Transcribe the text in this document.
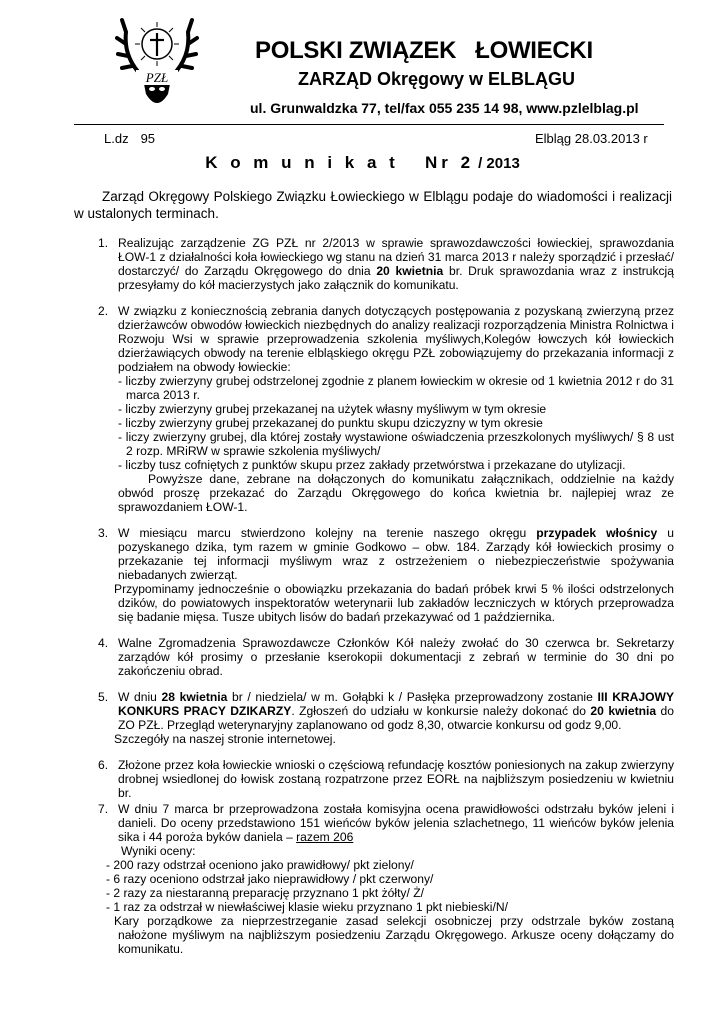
PZŁ
POLSKI ZWIĄZEK   ŁOWIECKI
ZARZĄD Okręgowy w ELBLĄGU
ul. Grunwaldzka 77, tel/fax 055 235 14 98, www.pzlelblag.pl
L.dz 95	Elbląg 28.03.2013 r
K o m u n i k a t   Nr 2 / 2013
Zarząd Okręgowy Polskiego Związku Łowieckiego w Elblągu podaje do wiadomości i realizacji w ustalonych terminach.
1. Realizując zarządzenie ZG PZŁ nr 2/2013 w sprawie sprawozdawczości łowieckiej, sprawozdania ŁOW-1 z działalności koła łowieckiego wg stanu na dzień 31 marca 2013 r należy sporządzić i przesłać/ dostarczyć/ do Zarządu Okręgowego do dnia 20 kwietnia br. Druk sprawozdania wraz z instrukcją przesyłamy do kół macierzystych jako załącznik do komunikatu.

2. W związku z koniecznością zebrania danych dotyczących postępowania z pozyskaną zwierzyną przez dzierżawców obwodów łowieckich niezbędnych do analizy realizacji rozporządzenia Ministra Rolnictwa i Rozwoju Wsi w sprawie przeprowadzenia szkolenia myśliwych,Kolegów łowczych kół łowieckich dzierżawiących obwody na terenie elbląskiego okręgu PZŁ zobowiązujemy do przekazania informacji z podziałem na obwody łowieckie:

- liczby zwierzyny grubej odstrzelonej zgodnie z planem łowieckim w okresie od 1 kwietnia 2012 r do 31 marca 2013 r.

- liczby zwierzyny grubej przekazanej na użytek własny myśliwym w tym okresie

- liczby zwierzyny grubej przekazanej do punktu skupu dziczyzny w tym okresie

- liczy zwierzyny grubej, dla której zostały wystawione oświadczenia przeszkolonych myśliwych/ § 8 ust 2 rozp. MRiRW w sprawie szkolenia myśliwych/

- liczby tusz cofniętych z punktów skupu przez zakłady przetwórstwa i przekazane do utylizacji.

Powyższe dane, zebrane na dołączonych do komunikatu załącznikach, oddzielnie na każdy obwód proszę przekazać do Zarządu Okręgowego do końca kwietnia br. najlepiej wraz ze sprawozdaniem ŁOW-1.

3. W miesiącu marcu stwierdzono kolejny na terenie naszego okręgu przypadek włośnicy u pozyskanego dzika, tym razem w gminie Godkowo – obw. 184. Zarządy kół łowieckich prosimy o przekazanie tej informacji myśliwym wraz z ostrzeżeniem o niebezpieczeństwie spożywania niebadanych zwierząt.

Przypominamy jednocześnie o obowiązku przekazania do badań próbek krwi 5 % ilości odstrzelonych dzików, do powiatowych inspektoratów weterynarii lub zakładów leczniczych w których przeprowadza się badanie mięsa. Tusze ubitych lisów do badań przekazywać od 1 października.

4. Walne Zgromadzenia Sprawozdawcze Członków Kół należy zwołać do 30 czerwca br. Sekretarzy zarządów kół prosimy o przesłanie kserokopii dokumentacji z zebrań w terminie do 30 dni po zakończeniu obrad.

5. W dniu 28 kwietnia br / niedziela/ w m. Gołąbki k / Pasłęka przeprowadzony zostanie III KRAJOWY KONKURS PRACY DZIKARZY. Zgłoszeń do udziału w konkursie należy dokonać do 20 kwietnia do ZO PZŁ. Przegląd weterynaryjny zaplanowano od godz 8,30, otwarcie konkursu od godz 9,00.

Szczegóły na naszej stronie internetowej.

6. Złożone przez koła łowieckie wnioski o częściową refundację kosztów poniesionych na zakup zwierzyny drobnej wsiedlonej do łowisk zostaną rozpatrzone przez EORŁ na najbliższym posiedzeniu w kwietniu br.

7. W dniu 7 marca br przeprowadzona została komisyjna ocena prawidłowości odstrzału byków jeleni i danieli. Do oceny przedstawiono 151 wieńców byków jelenia szlachetnego, 11 wieńców byków jelenia sika i 44 poroża byków daniela – razem 206

Wyniki oceny:

- 200 razy odstrzał oceniono jako prawidłowy/ pkt zielony/

- 6 razy oceniono odstrzał jako nieprawidłowy / pkt czerwony/

- 2 razy za niestaranną preparację przyznano 1 pkt żółty/ Ż/

- 1 raz za odstrzał w niewłaściwej klasie wieku przyznano 1 pkt niebieski/N/

Kary porządkowe za nieprzestrzeganie zasad selekcji osobniczej przy odstrzale byków zostaną nałożone myśliwym na najbliższym posiedzeniu Zarządu Okręgowego. Arkusze oceny dołączamy do komunikatu.
